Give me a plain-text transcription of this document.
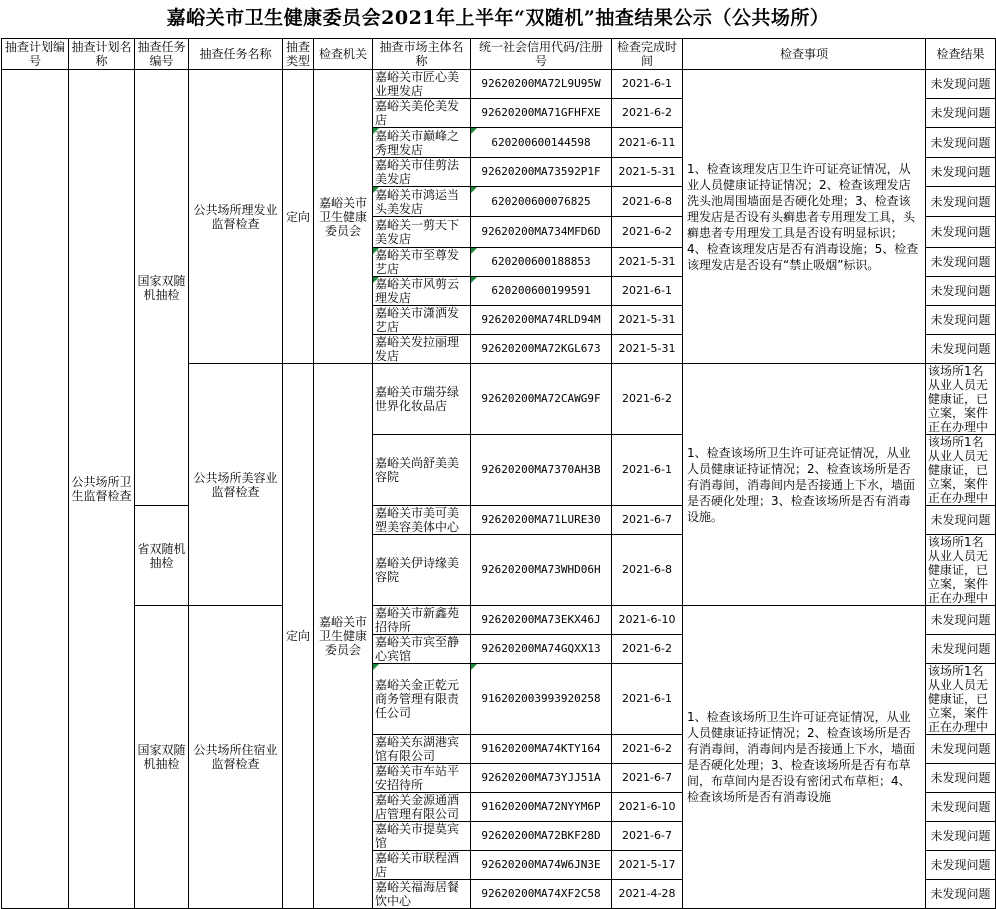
嘉峪关市卫生健康委员会2021年上半年“双随机”抽查结果公示（公共场所）
抽查计划编号	抽查计划名称	抽查任务编号	抽查任务名称	抽查类型	检查机关	抽查市场主体名称	统一社会信用代码/注册号	检查完成时间	检查事项	检查结果
	公共场所卫生监督检查	国家双随机抽检	公共场所理发业监督检查	定向	嘉峪关市卫生健康委员会	嘉峪关市匠心美业理发店	92620200MA72L9U95W	2021-6-1	1、检查该理发店卫生许可证亮证情况，从业人员健康证持证情况；2、检查该理发店洗头池周围墙面是否硬化处理；3、检查该理发店是否设有头癣患者专用理发工具，头癣患者专用理发工具是否设有明显标识；4、检查该理发店是否有消毒设施；5、检查该理发店是否设有“禁止吸烟”标识。	未发现问题
						嘉峪关美伦美发店	92620200MA71GFHFXE	2021-6-2		未发现问题
						嘉峪关市巅峰之秀理发店	620200600144598	2021-6-11		未发现问题
						嘉峪关市佳剪法美发店	92620200MA73592P1F	2021-5-31		未发现问题
						嘉峪关市鸿运当头美发店	620200600076825	2021-6-8		未发现问题
						嘉峪关一剪天下美发店	92620200MA734MFD6D	2021-6-2		未发现问题
						嘉峪关市至尊发艺店	620200600188853	2021-5-31		未发现问题
						嘉峪关市风剪云理发店	620200600199591	2021-6-1		未发现问题
						嘉峪关市潇洒发艺店	92620200MA74RLD94M	2021-5-31		未发现问题
						嘉峪关发拉丽理发店	92620200MA72KGL673	2021-5-31		未发现问题
			公共场所美容业监督检查	定向	嘉峪关市卫生健康委员会	嘉峪关市瑞芬绿世界化妆品店	92620200MA72CAWG9F	2021-6-2	1、检查该场所卫生许可证亮证情况，从业人员健康证持证情况；2、检查该场所是否有消毒间，消毒间内是否接通上下水，墙面是否硬化处理；3、检查该场所是否有消毒设施。	该场所1名从业人员无健康证，已立案，案件正在办理中
						嘉峪关尚舒美美容院	92620200MA7370AH3B	2021-6-1		该场所1名从业人员无健康证，已立案，案件正在办理中
		省双随机抽检				嘉峪关市美可美塑美容美体中心	92620200MA71LURE30	2021-6-7		未发现问题
						嘉峪关伊诗缘美容院	92620200MA73WHD06H	2021-6-8		该场所1名从业人员无健康证，已立案，案件正在办理中
		国家双随机抽检	公共场所住宿业监督检查			嘉峪关市新鑫苑招待所	92620200MA73EKX46J	2021-6-10	1、检查该场所卫生许可证亮证情况，从业人员健康证持证情况；2、检查该场所是否有消毒间，消毒间内是否接通上下水，墙面是否硬化处理；3、检查该场所是否有布草间，布草间内是否设有密闭式布草柜；4、检查该场所是否有消毒设施	未发现问题
						嘉峪关市宾至静心宾馆	92620200MA74GQXX13	2021-6-2		未发现问题
						嘉峪关金正乾元商务管理有限责任公司	916202003993920258	2021-6-1		该场所1名从业人员无健康证，已立案，案件正在办理中
						嘉峪关东湖港宾馆有限公司	91620200MA74KTY164	2021-6-2		未发现问题
						嘉峪关市车站平安招待所	92620200MA73YJJ51A	2021-6-7		未发现问题
						嘉峪关金源通酒店管理有限公司	91620200MA72NYYM6P	2021-6-10		未发现问题
						嘉峪关市提莫宾馆	92620200MA72BKF28D	2021-6-7		未发现问题
						嘉峪关市联程酒店	92620200MA74W6JN3E	2021-5-17		未发现问题
						嘉峪关福海居餐饮中心	92620200MA74XF2C58	2021-4-28		未发现问题
